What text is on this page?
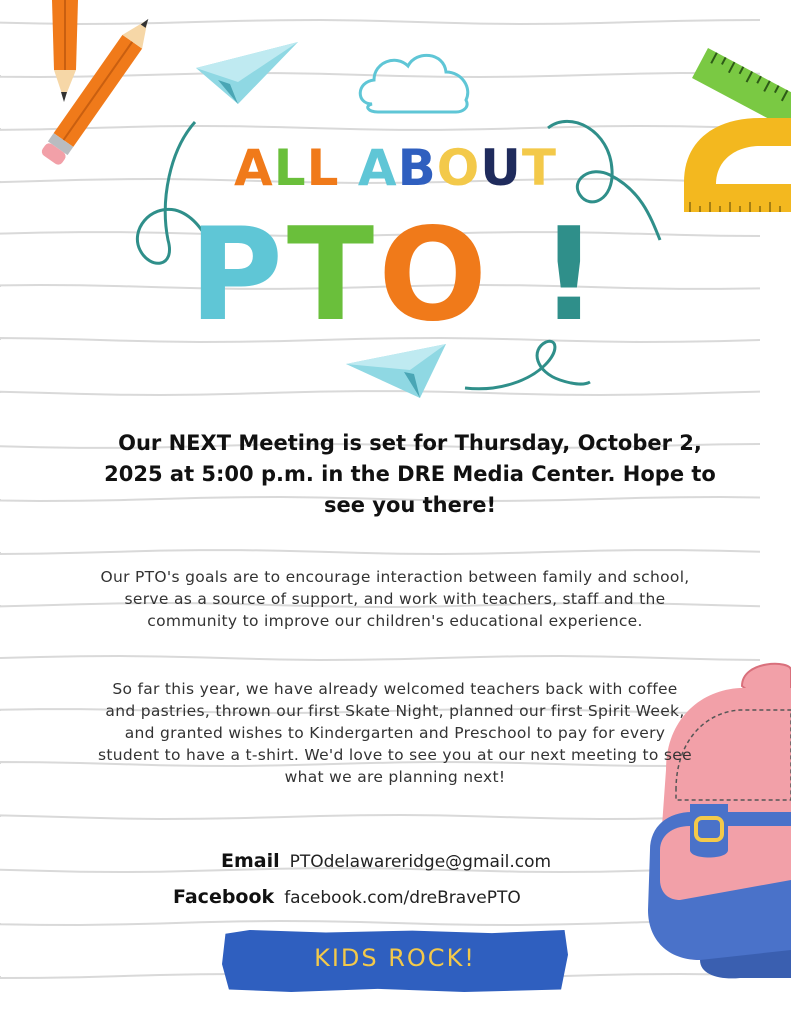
ALL ABOUT
PTO !
Our NEXT Meeting is set for Thursday, October 2, 2025 at 5:00 p.m. in the DRE Media Center. Hope to see you there!
Our PTO's goals are to encourage interaction between family and school, serve as a source of support, and work with teachers, staff and the community to improve our children's educational experience.
So far this year, we have already welcomed teachers back with coffee and pastries, thrown our first Skate Night, planned our first Spirit Week, and granted wishes to Kindergarten and Preschool to pay for every student to have a t-shirt. We'd love to see you at our next meeting to see what we are planning next!
Email PTOdelawareridge@gmail.com
Facebook facebook.com/dreBravePTO
KIDS ROCK!
